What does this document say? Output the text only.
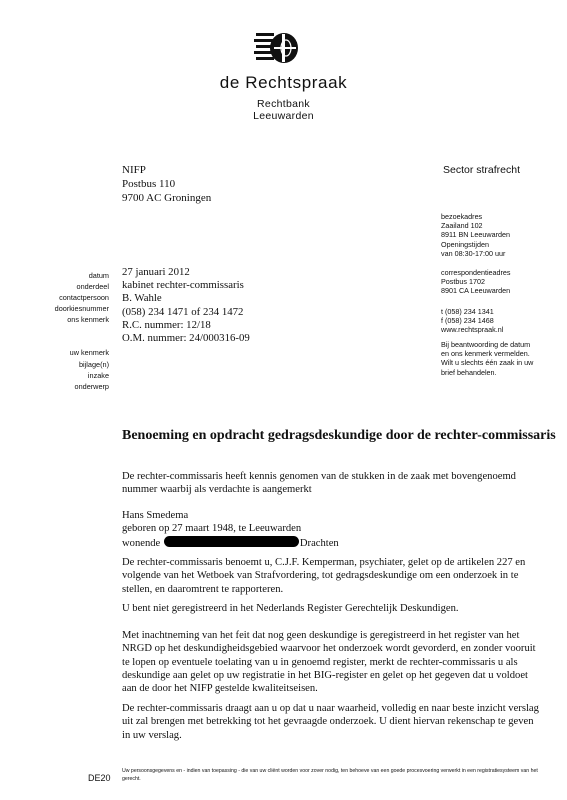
de Rechtspraak
Rechtbank
Leeuwarden
NIFP
Postbus 110
9700 AC Groningen
Sector strafrecht
bezoekadres
Zaailand 102
8911 BN Leeuwarden
Openingstijden
van 08:30-17:00 uur
correspondentieadres
Postbus 1702
8901 CA Leeuwarden
t (058) 234 1341
f (058) 234 1468
www.rechtspraak.nl
Bij beantwoording de datum
en ons kenmerk vermelden.
Wilt u slechts één zaak in uw
brief behandelen.
datum
onderdeel
contactpersoon
doorkiesnummer
ons kenmerk
uw kenmerk
bijlage(n)
inzake
onderwerp
27 januari 2012
kabinet rechter-commissaris
B. Wahle
(058) 234 1471 of 234 1472
R.C. nummer: 12/18
O.M. nummer: 24/000316-09
Benoeming en opdracht gedragsdeskundige door de rechter-commissaris
De rechter-commissaris heeft kennis genomen van de stukken in de zaak met bovengenoemd nummer waarbij als verdachte is aangemerkt
Hans Smedema
geboren op 27 maart 1948, te Leeuwarden
wonende	Drachten
De rechter-commissaris benoemt u, C.J.F. Kemperman, psychiater, gelet op de artikelen 227 en volgende van het Wetboek van Strafvordering, tot gedragsdeskundige om een onderzoek in te stellen, en daaromtrent te rapporteren.
U bent niet geregistreerd in het Nederlands Register Gerechtelijk Deskundigen.
Met inachtneming van het feit dat nog geen deskundige is geregistreerd in het register van het NRGD op het deskundigheidsgebied waarvoor het onderzoek wordt gevorderd, en zonder vooruit te lopen op eventuele toelating van u in genoemd register, merkt de rechter-commissaris u als deskundige aan gelet op uw registratie in het BIG-register en gelet op het gegeven dat u voldoet aan de door het NIFP gestelde kwaliteitseisen.
De rechter-commissaris draagt aan u op dat u naar waarheid, volledig en naar beste inzicht verslag uit zal brengen met betrekking tot het gevraagde onderzoek. U dient hiervan rekenschap te geven in uw verslag.
DE20
Uw persoonsgegevens en - indien van toepassing - die van uw cliënt worden voor zover nodig, ten behoeve van een goede procesvoering verwerkt in een registratiesysteem van het gerecht.
